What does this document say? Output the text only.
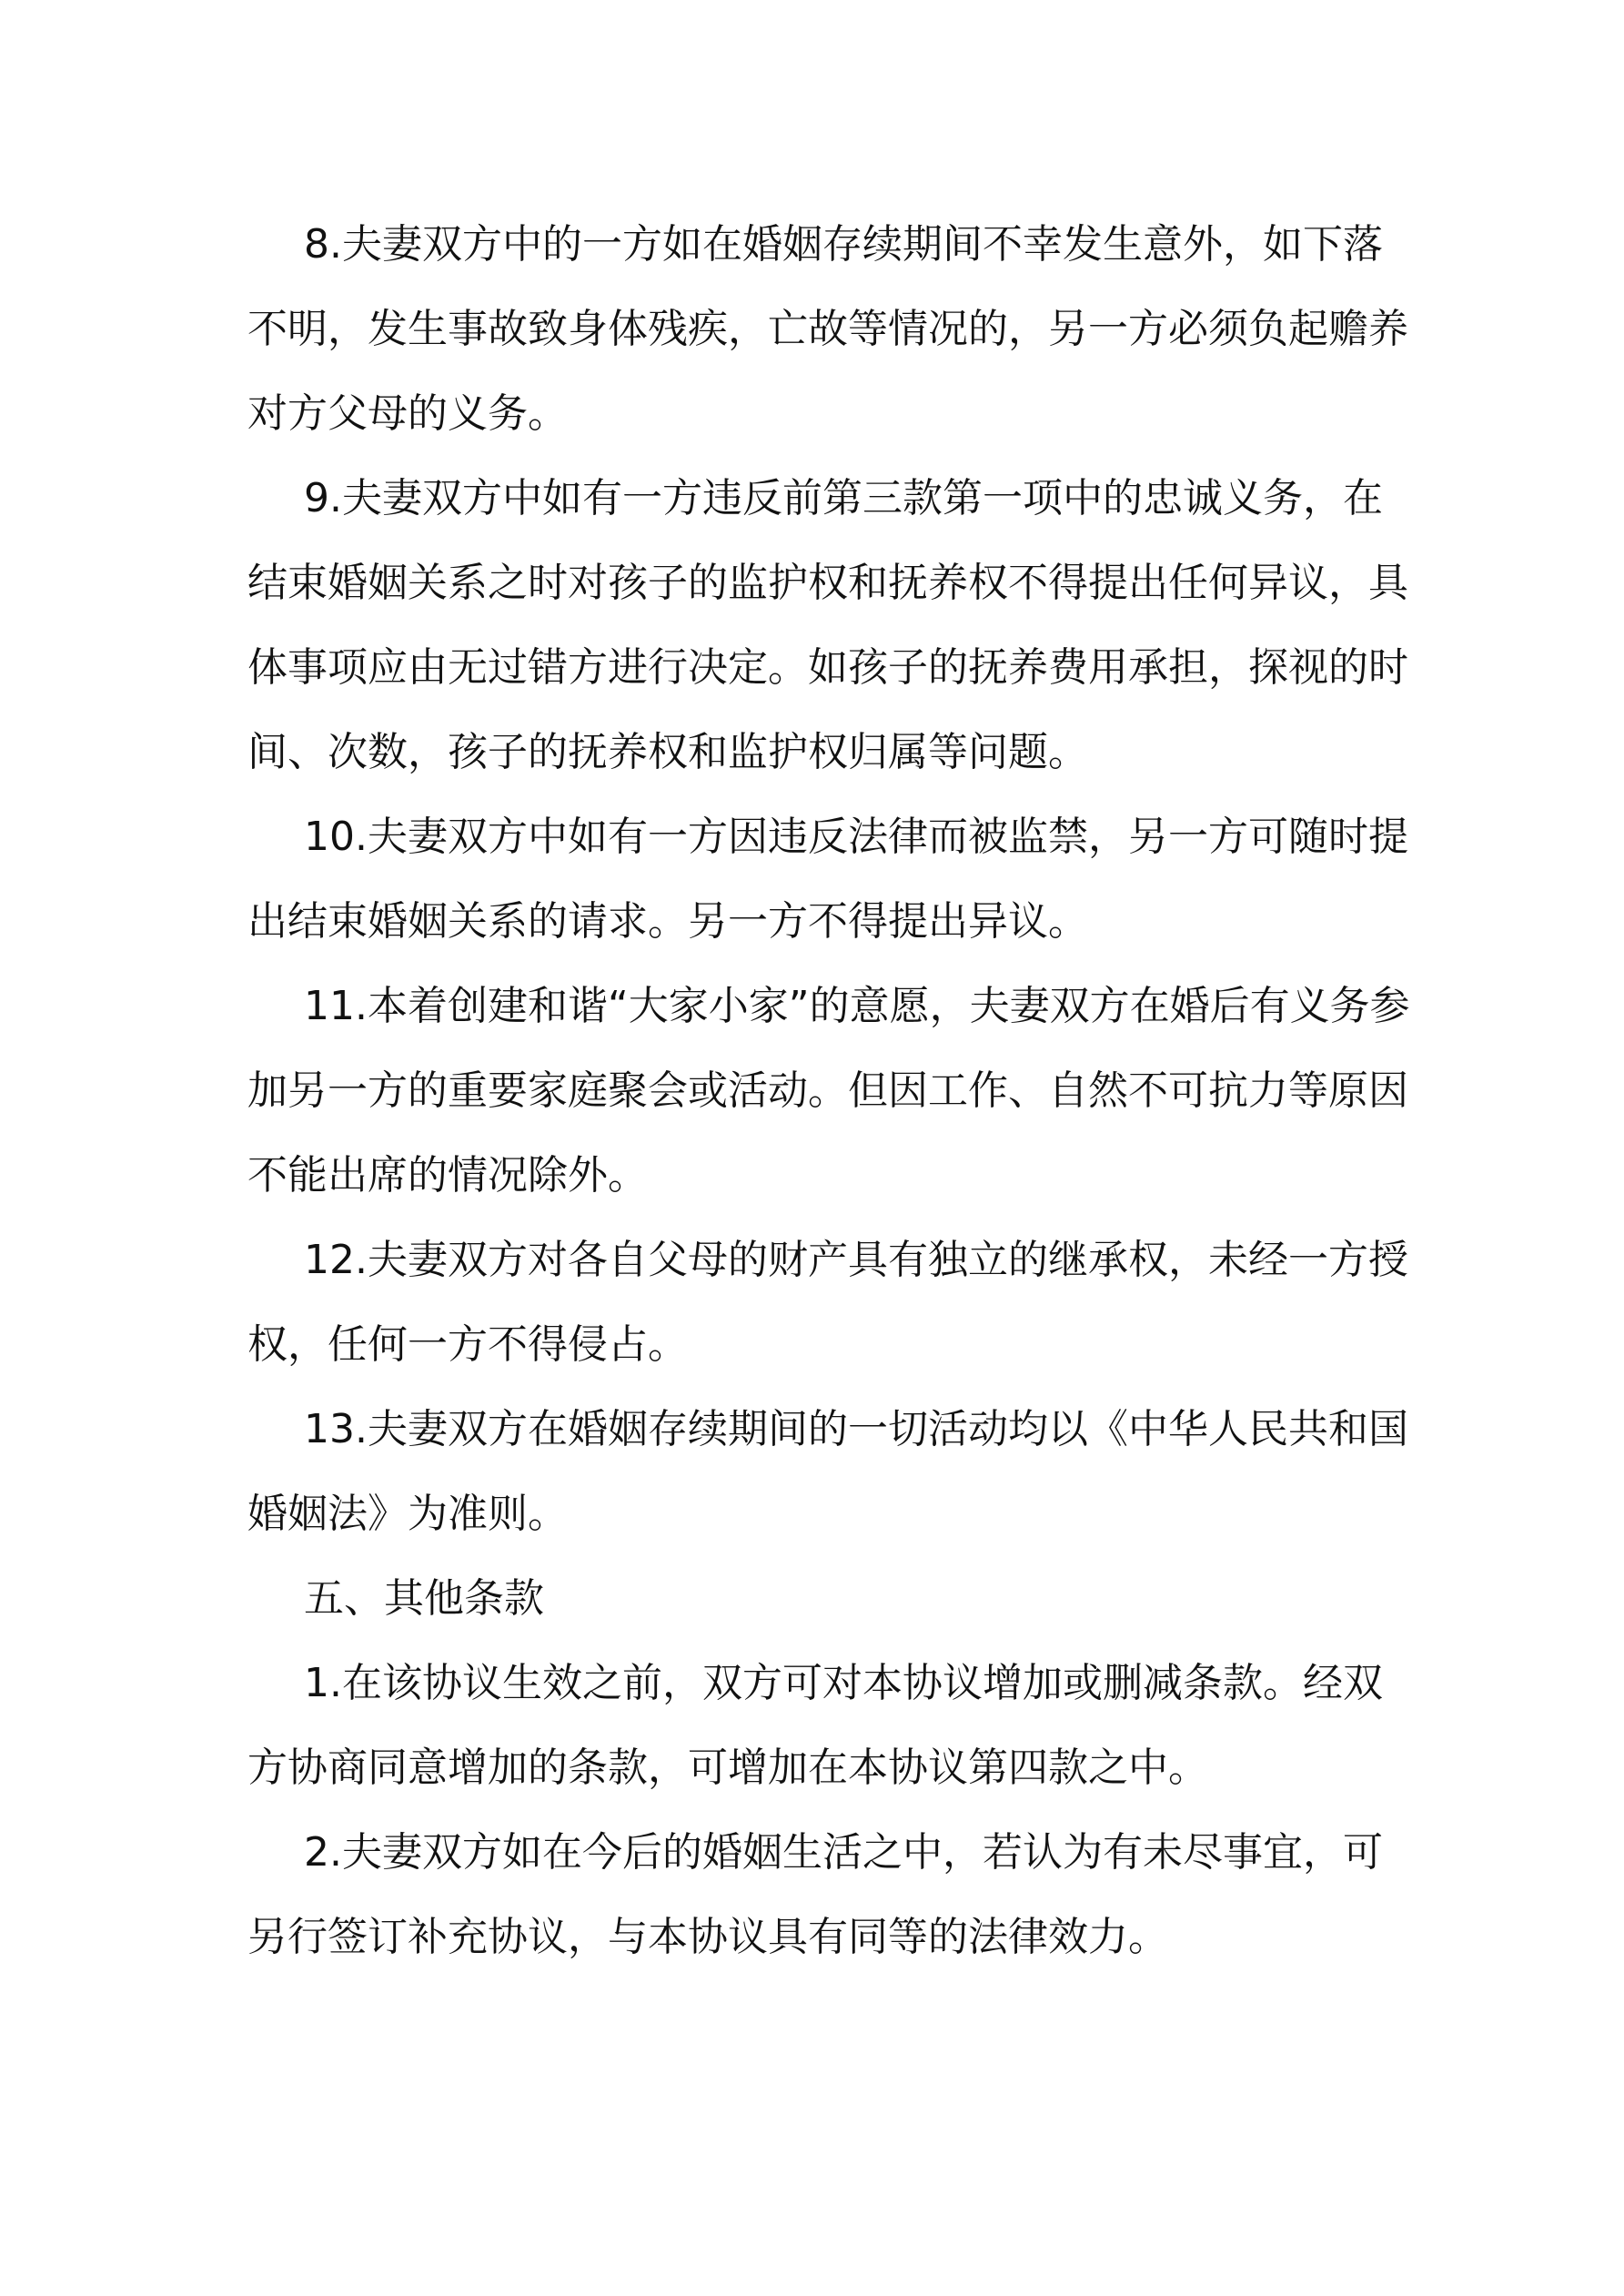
8.夫妻双方中的一方如在婚姻存续期间不幸发生意外，如下落
不明，发生事故致身体残疾，亡故等情况的，另一方必须负起赡养
对方父母的义务。

9.夫妻双方中如有一方违反前第三款第一项中的忠诚义务，在
结束婚姻关系之时对孩子的监护权和抚养权不得提出任何异议，具
体事项应由无过错方进行决定。如孩子的抚养费用承担，探视的时
间、次数，孩子的抚养权和监护权归属等问题。

10.夫妻双方中如有一方因违反法律而被监禁，另一方可随时提
出结束婚姻关系的请求。另一方不得提出异议。

11.本着创建和谐“大家小家”的意愿，夫妻双方在婚后有义务参
加另一方的重要家庭聚会或活动。但因工作、自然不可抗力等原因
不能出席的情况除外。

12.夫妻双方对各自父母的财产具有独立的继承权，未经一方授
权，任何一方不得侵占。

13.夫妻双方在婚姻存续期间的一切活动均以《中华人民共和国
婚姻法》为准则。

五、其他条款

1.在该协议生效之前，双方可对本协议增加或删减条款。经双
方协商同意增加的条款，可增加在本协议第四款之中。

2.夫妻双方如在今后的婚姻生活之中，若认为有未尽事宜，可
另行签订补充协议，与本协议具有同等的法律效力。
